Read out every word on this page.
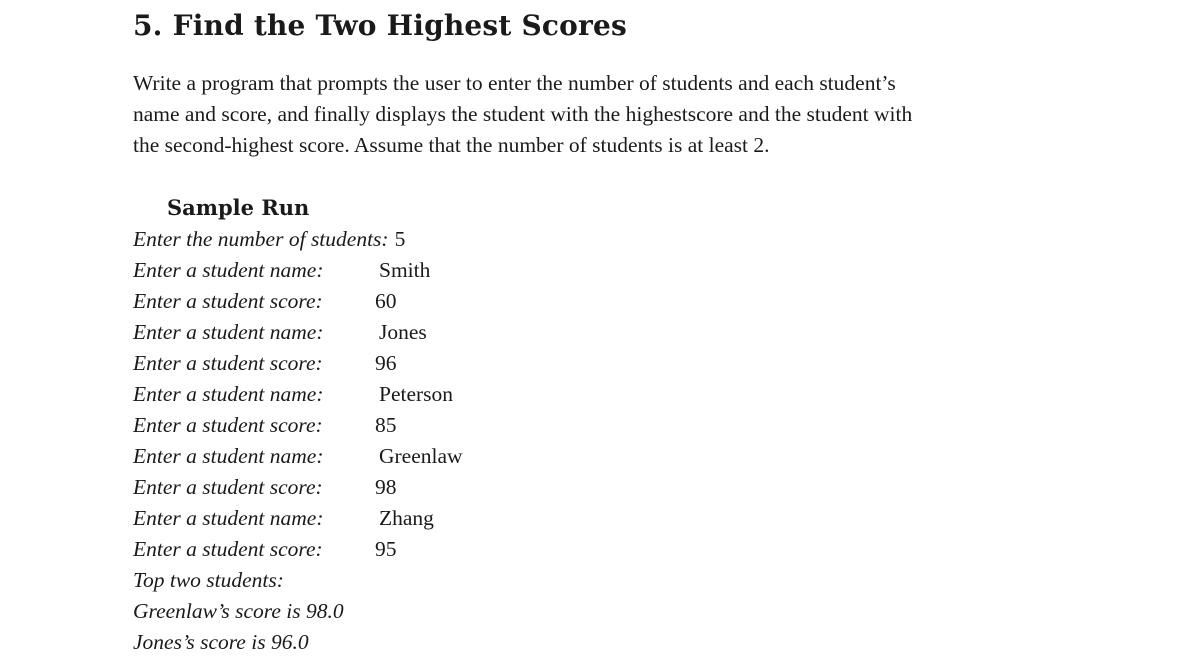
5. Find the Two Highest Scores

Write a program that prompts the user to enter the number of students and each student’s
name and score, and finally displays the student with the highestscore and the student with
the second-highest score. Assume that the number of students is at least 2.

Sample Run
Enter the number of students: 5
Enter a student name:	Smith
Enter a student score: 60
Enter a student name:	Jones
Enter a student score: 96
Enter a student name:	Peterson
Enter a student score: 85
Enter a student name:	Greenlaw
Enter a student score: 98
Enter a student name:	Zhang
Enter a student score: 95
Top two students:
Greenlaw’s score is 98.0
Jones’s score is 96.0
